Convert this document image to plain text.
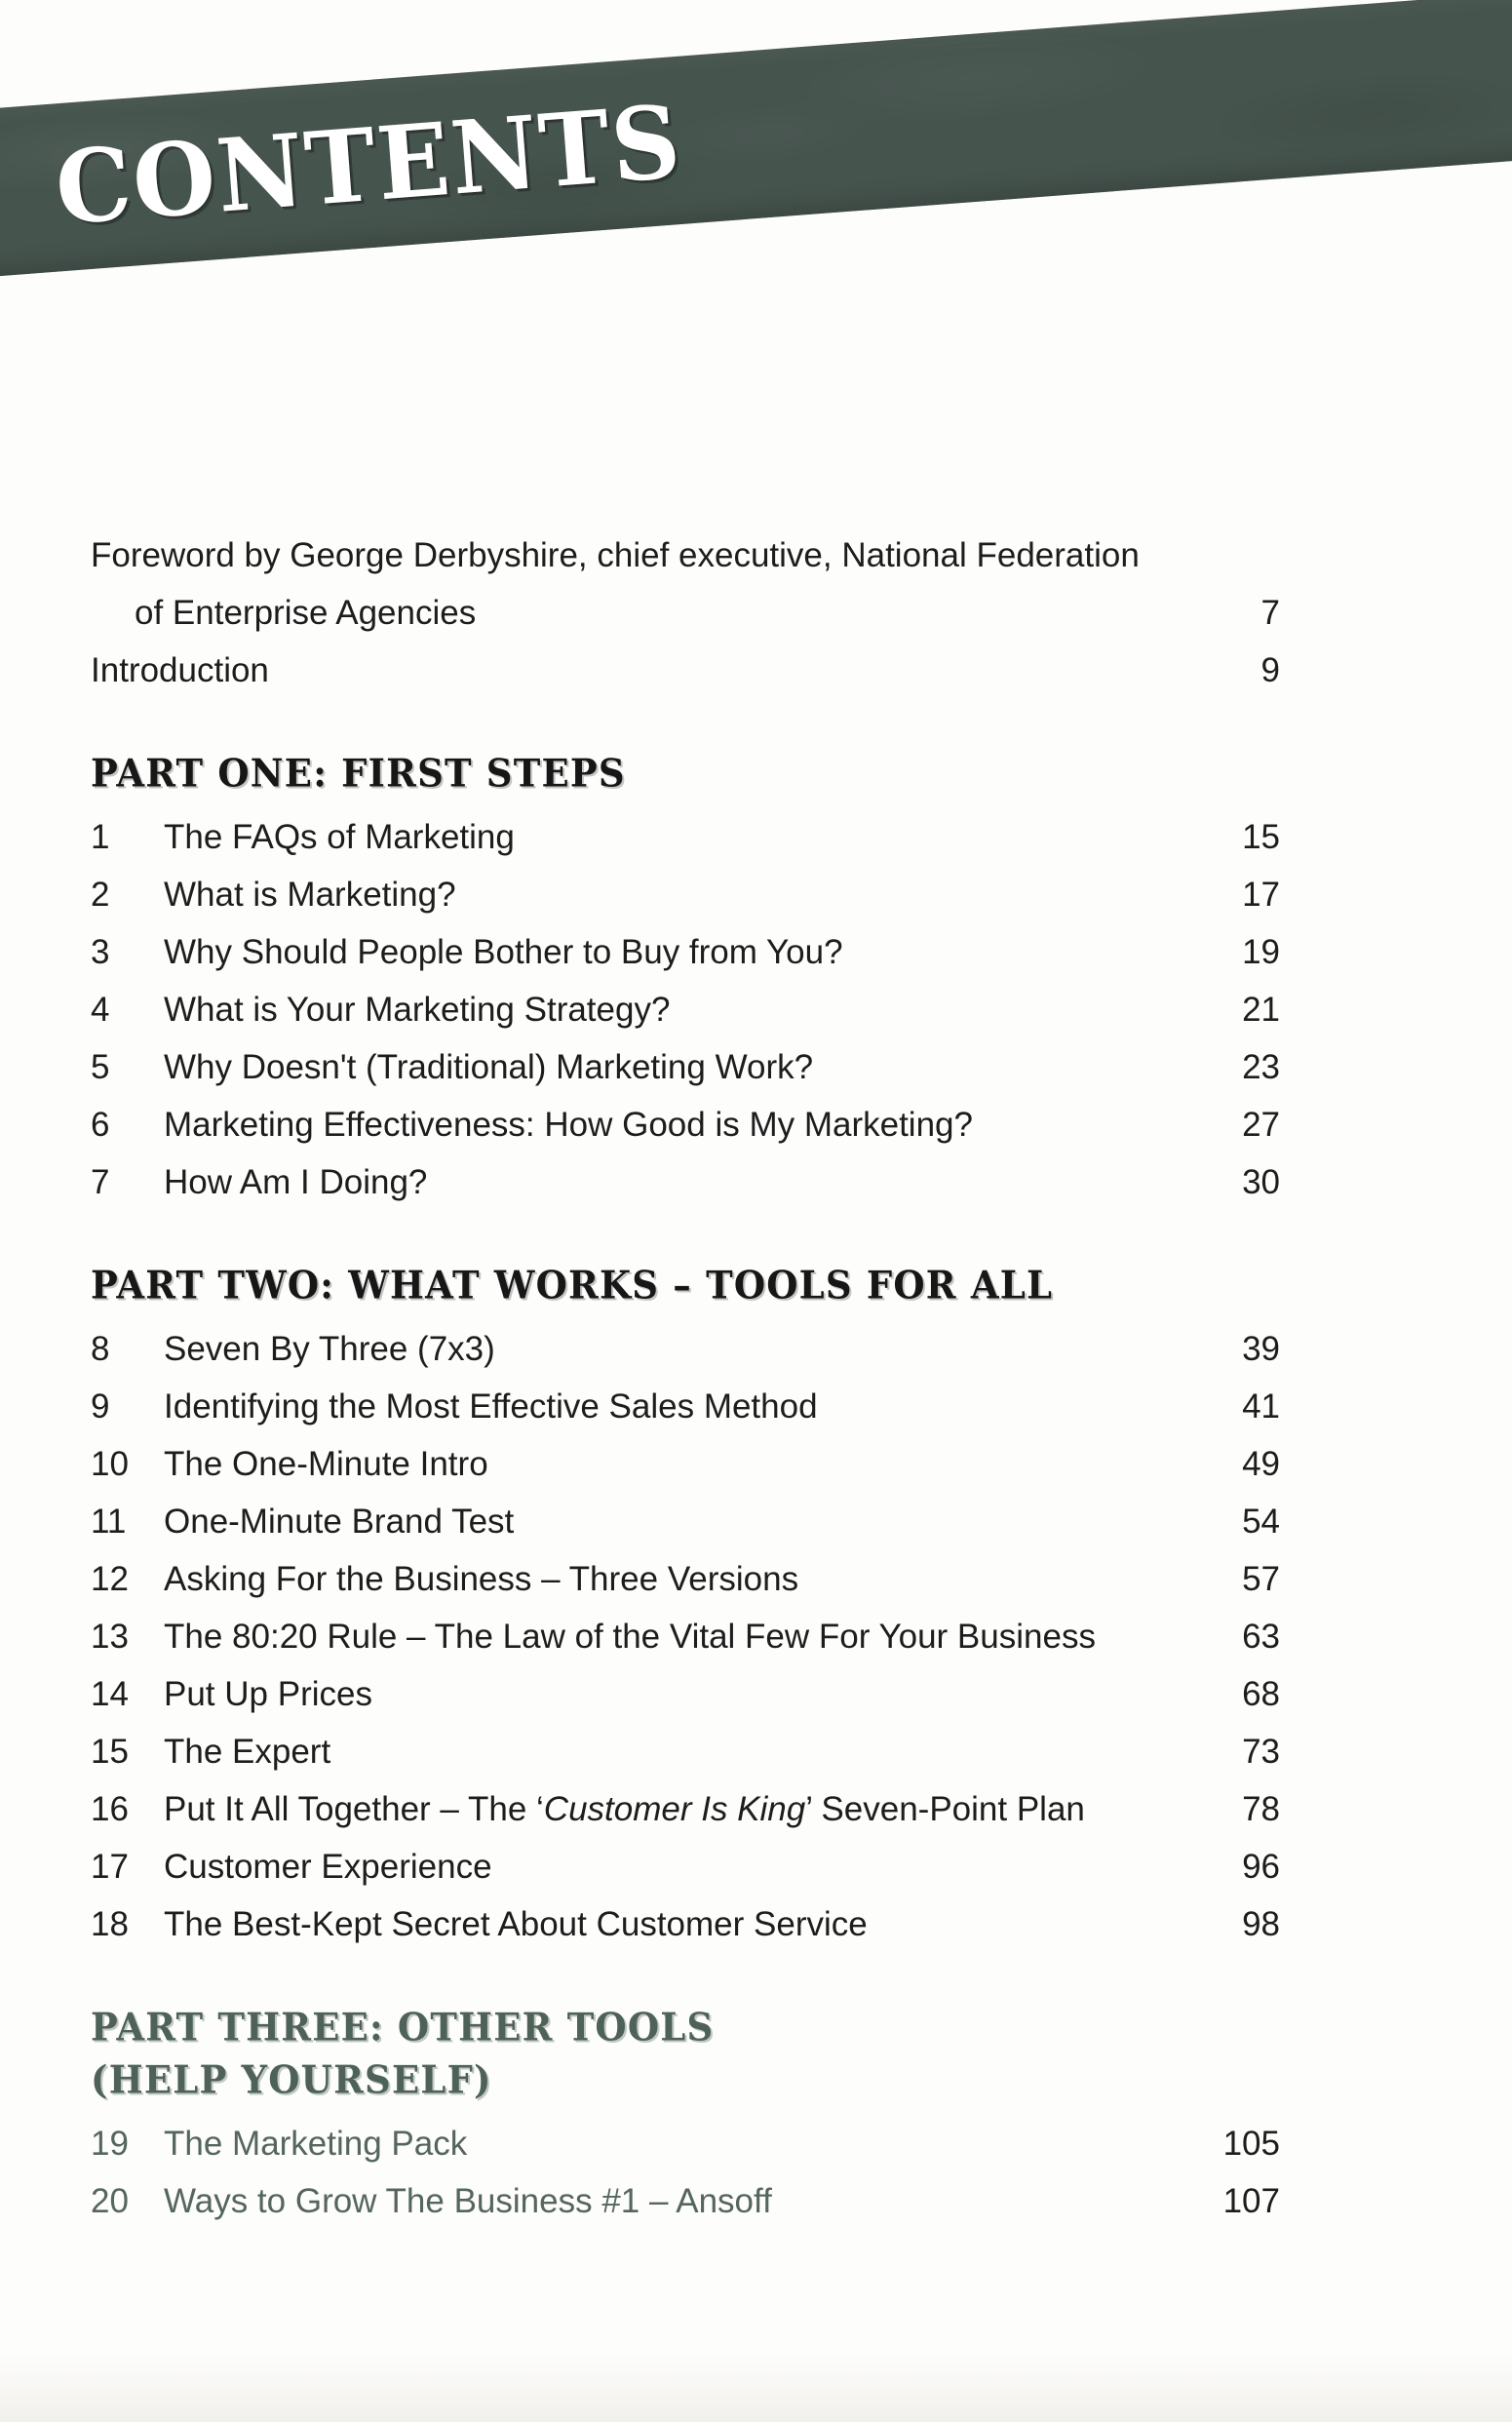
CONTENTS
Foreword by George Derbyshire, chief executive, National Federation
of Enterprise Agencies	7
Introduction	9
PART ONE: FIRST STEPS
1	The FAQs of Marketing	15
2	What is Marketing?	17
3	Why Should People Bother to Buy from You?	19
4	What is Your Marketing Strategy?	21
5	Why Doesn't (Traditional) Marketing Work?	23
6	Marketing Effectiveness: How Good is My Marketing?	27
7	How Am I Doing?	30
PART TWO: WHAT WORKS – TOOLS FOR ALL
8	Seven By Three (7x3)	39
9	Identifying the Most Effective Sales Method	41
10	The One-Minute Intro	49
11	One-Minute Brand Test	54
12	Asking For the Business – Three Versions	57
13	The 80:20 Rule – The Law of the Vital Few For Your Business	63
14	Put Up Prices	68
15	The Expert	73
16	Put It All Together – The ‘Customer Is King’ Seven-Point Plan	78
17	Customer Experience	96
18	The Best-Kept Secret About Customer Service	98
PART THREE: OTHER TOOLS
(HELP YOURSELF)
19	The Marketing Pack	105
20	Ways to Grow The Business #1 – Ansoff	107
